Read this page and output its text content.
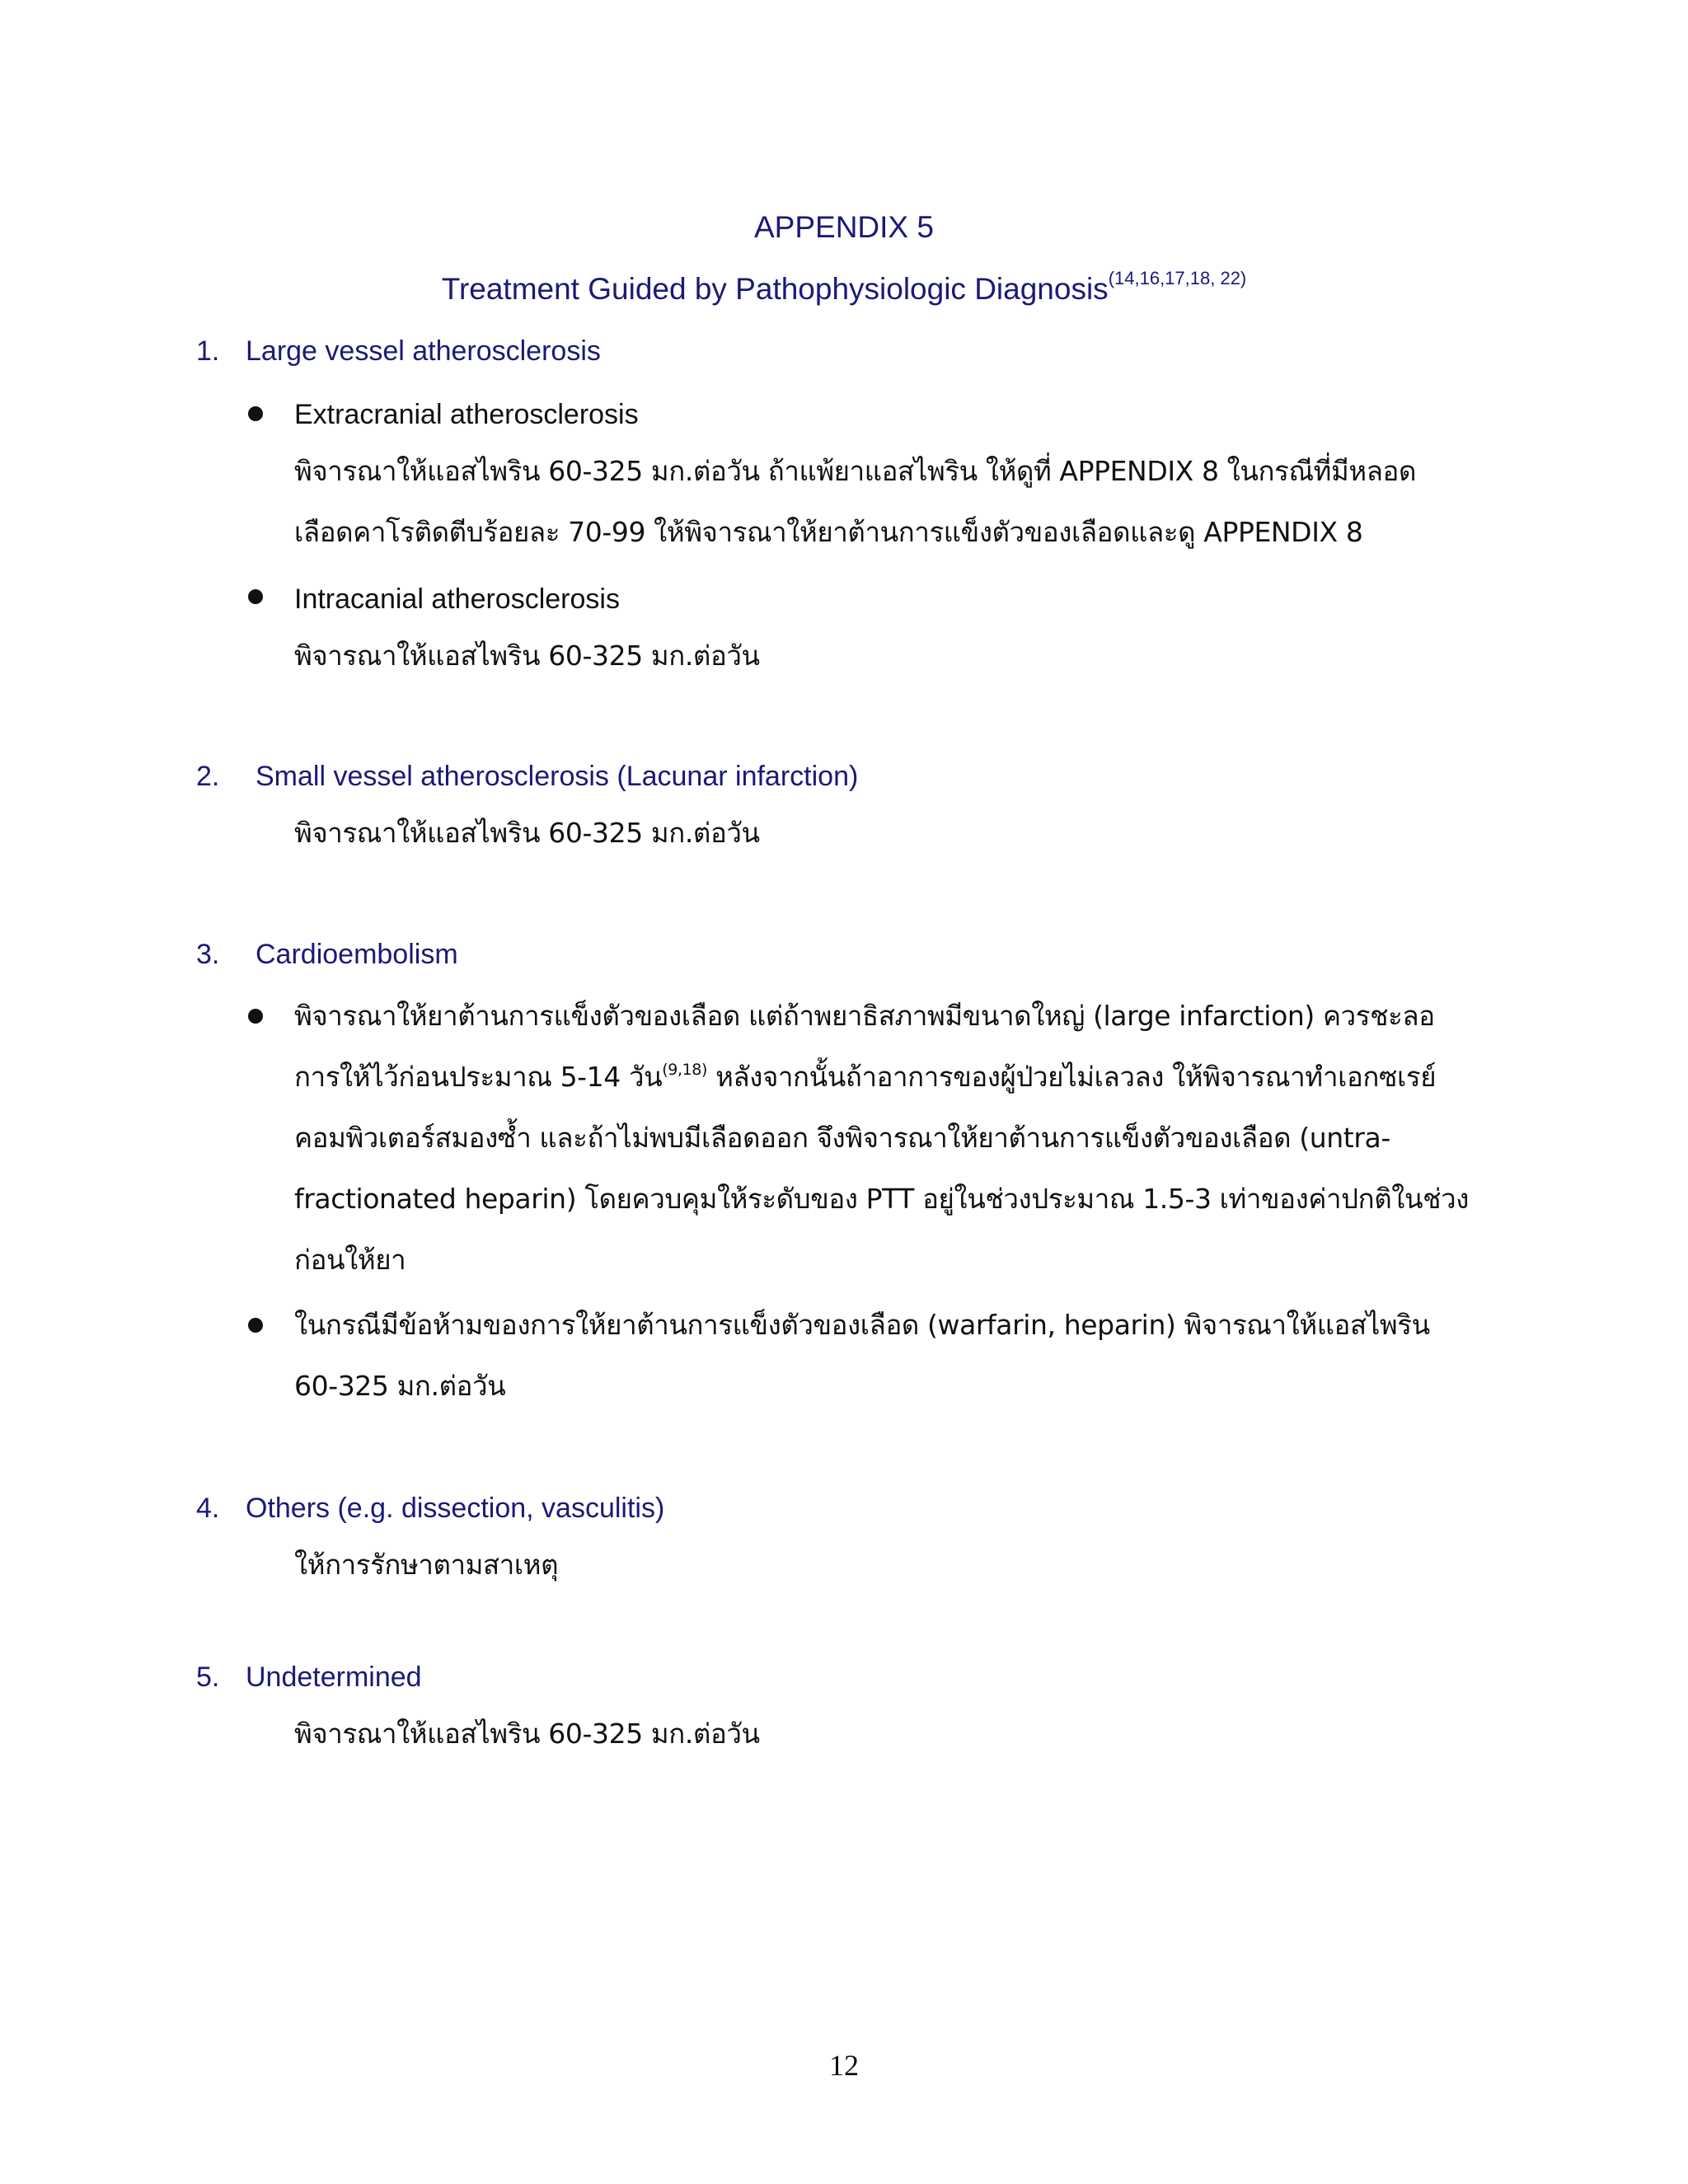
APPENDIX 5
Treatment Guided by Pathophysiologic Diagnosis$^{(14,16,17,18, 22)}$
1. Large vessel atherosclerosis
Extracranial atherosclerosis
พิจารณาให้แอสไพริน 60-325 มก.ต่อวัน ถ้าแพ้ยาแอสไพริน ให้ดูที่ APPENDIX 8 ในกรณีที่มีหลอด
เลือดคาโรติดตีบร้อยละ 70-99 ให้พิจารณาให้ยาต้านการแข็งตัวของเลือดและดู APPENDIX 8
Intracanial atherosclerosis
พิจารณาให้แอสไพริน 60-325 มก.ต่อวัน
2. Small vessel atherosclerosis (Lacunar infarction)
พิจารณาให้แอสไพริน 60-325 มก.ต่อวัน
3. Cardioembolism
พิจารณาให้ยาต้านการแข็งตัวของเลือด แต่ถ้าพยาธิสภาพมีขนาดใหญ่ (large infarction) ควรชะลอ
การให้ไว้ก่อนประมาณ 5-14 วัน$^{(9,18)}$ หลังจากนั้นถ้าอาการของผู้ป่วยไม่เลวลง ให้พิจารณาทำเอกซเรย์
คอมพิวเตอร์สมองซ้ำ และถ้าไม่พบมีเลือดออก จึงพิจารณาให้ยาต้านการแข็งตัวของเลือด (untra-
fractionated heparin) โดยควบคุมให้ระดับของ PTT อยู่ในช่วงประมาณ 1.5-3 เท่าของค่าปกติในช่วง
ก่อนให้ยา
ในกรณีมีข้อห้ามของการให้ยาต้านการแข็งตัวของเลือด (warfarin, heparin) พิจารณาให้แอสไพริน
60-325 มก.ต่อวัน
4. Others (e.g. dissection, vasculitis)
ให้การรักษาตามสาเหตุ
5. Undetermined
พิจารณาให้แอสไพริน 60-325 มก.ต่อวัน
12
